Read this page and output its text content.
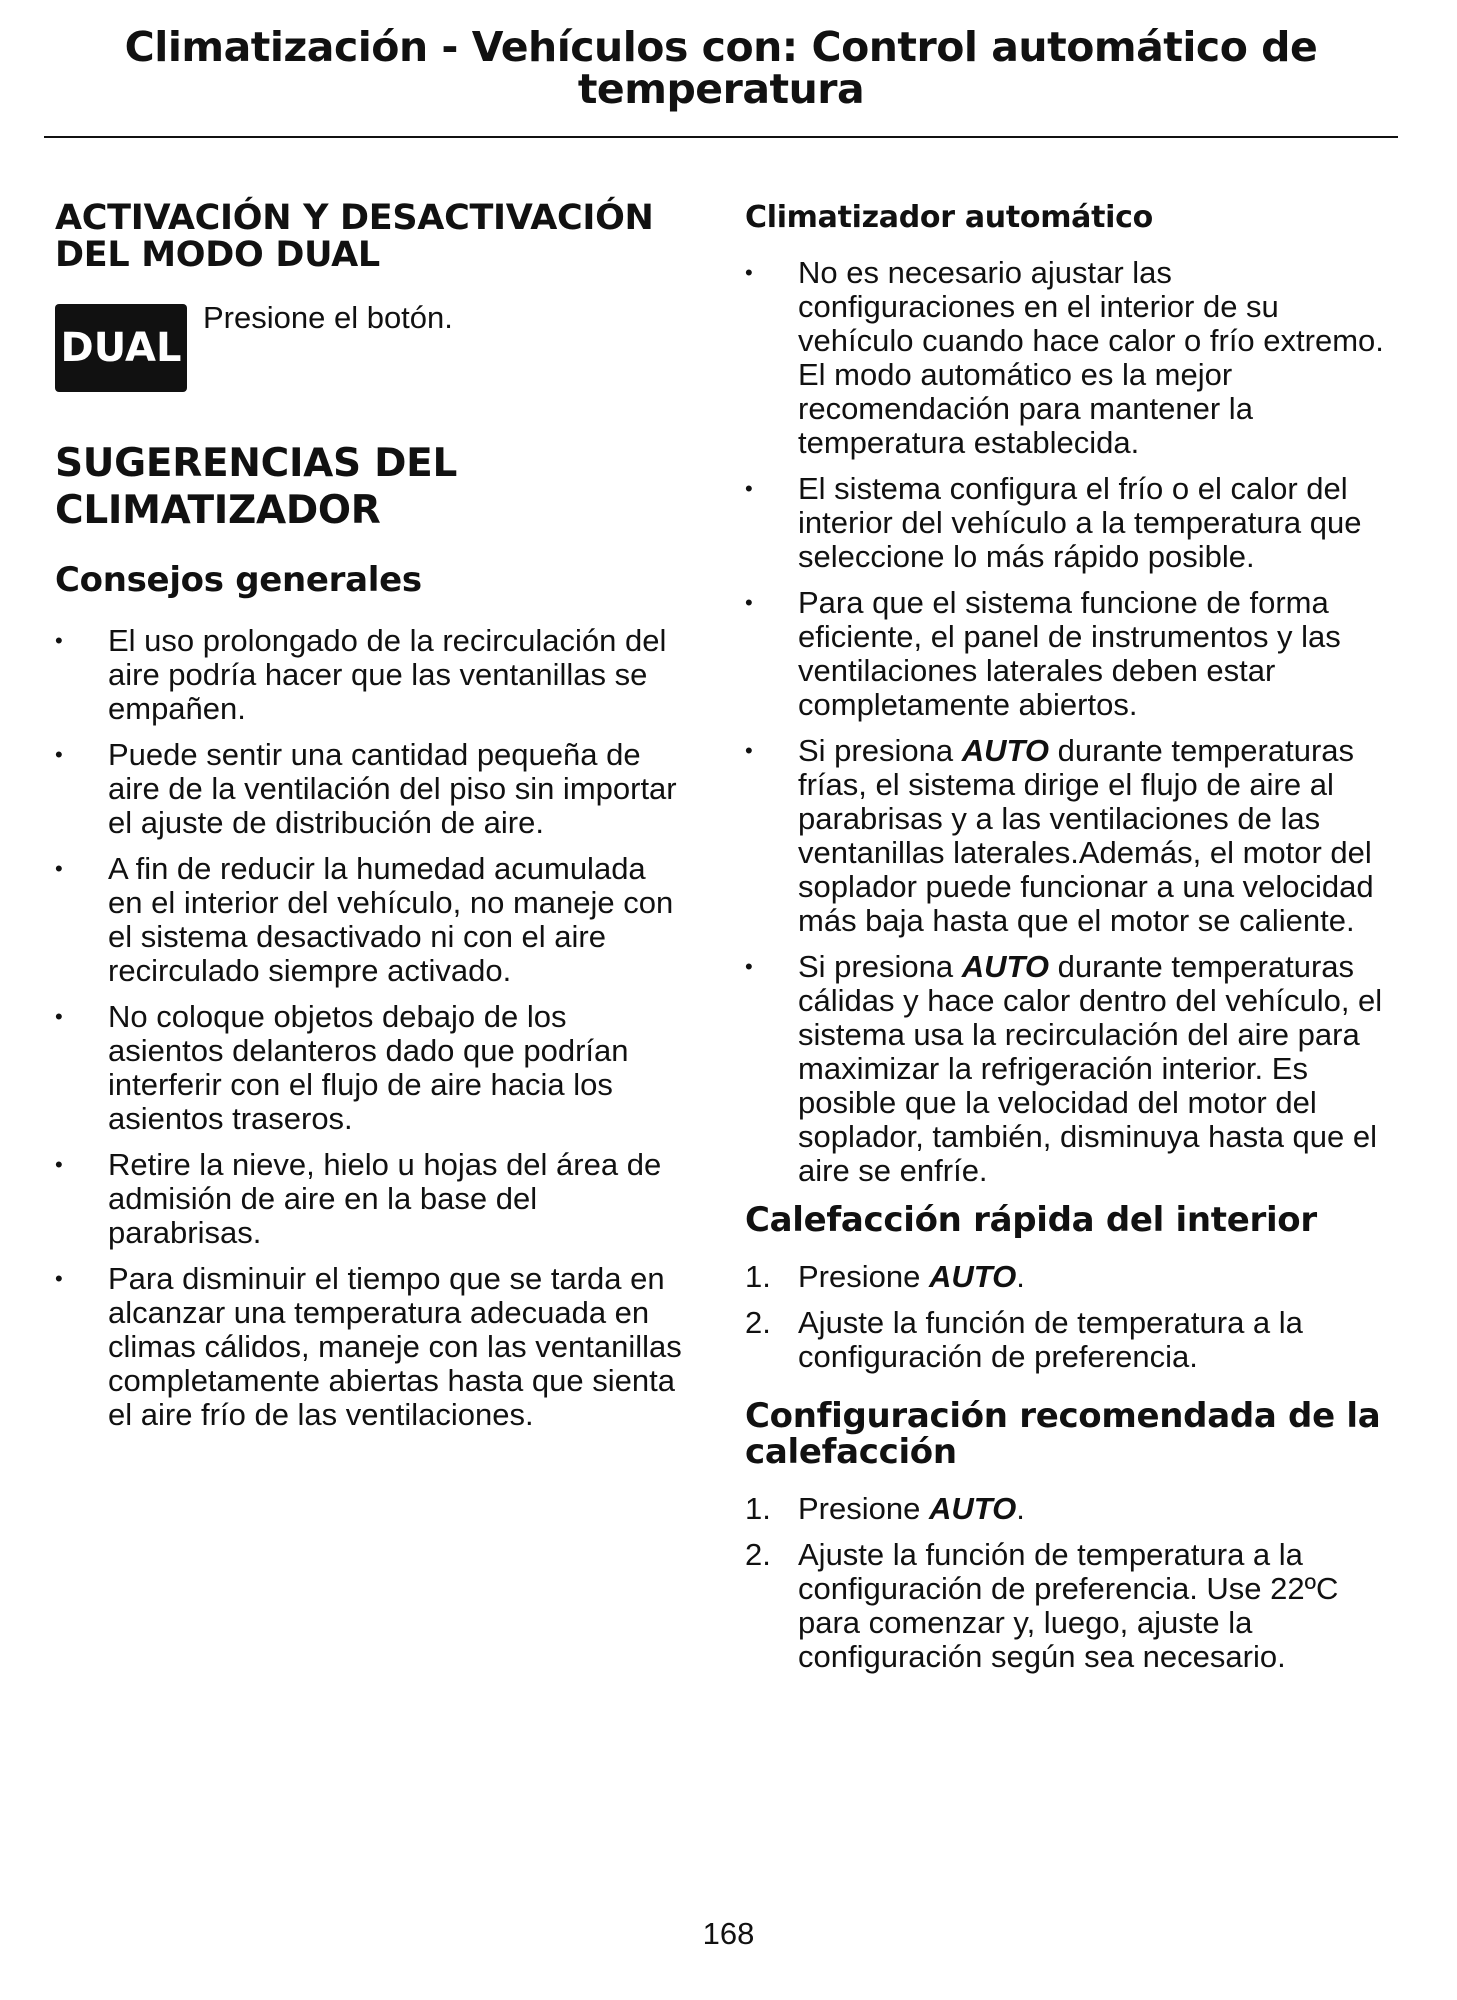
Climatización - Vehículos con: Control automático de temperatura
ACTIVACIÓN Y DESACTIVACIÓN DEL MODO DUAL
DUAL
Presione el botón.
SUGERENCIAS DEL CLIMATIZADOR
Consejos generales
• El uso prolongado de la recirculación del aire podría hacer que las ventanillas se empañen.
• Puede sentir una cantidad pequeña de aire de la ventilación del piso sin importar el ajuste de distribución de aire.
• A fin de reducir la humedad acumulada en el interior del vehículo, no maneje con el sistema desactivado ni con el aire recirculado siempre activado.
• No coloque objetos debajo de los asientos delanteros dado que podrían interferir con el flujo de aire hacia los asientos traseros.
• Retire la nieve, hielo u hojas del área de admisión de aire en la base del parabrisas.
• Para disminuir el tiempo que se tarda en alcanzar una temperatura adecuada en climas cálidos, maneje con las ventanillas completamente abiertas hasta que sienta el aire frío de las ventilaciones.
Climatizador automático
• No es necesario ajustar las configuraciones en el interior de su vehículo cuando hace calor o frío extremo. El modo automático es la mejor recomendación para mantener la temperatura establecida.
• El sistema configura el frío o el calor del interior del vehículo a la temperatura que seleccione lo más rápido posible.
• Para que el sistema funcione de forma eficiente, el panel de instrumentos y las ventilaciones laterales deben estar completamente abiertos.
• Si presiona AUTO durante temperaturas frías, el sistema dirige el flujo de aire al parabrisas y a las ventilaciones de las ventanillas laterales.Además, el motor del soplador puede funcionar a una velocidad más baja hasta que el motor se caliente.
• Si presiona AUTO durante temperaturas cálidas y hace calor dentro del vehículo, el sistema usa la recirculación del aire para maximizar la refrigeración interior. Es posible que la velocidad del motor del soplador, también, disminuya hasta que el aire se enfríe.
Calefacción rápida del interior
1. Presione AUTO.
2. Ajuste la función de temperatura a la configuración de preferencia.
Configuración recomendada de la calefacción
1. Presione AUTO.
2. Ajuste la función de temperatura a la configuración de preferencia. Use 22ºC para comenzar y, luego, ajuste la configuración según sea necesario.
168
